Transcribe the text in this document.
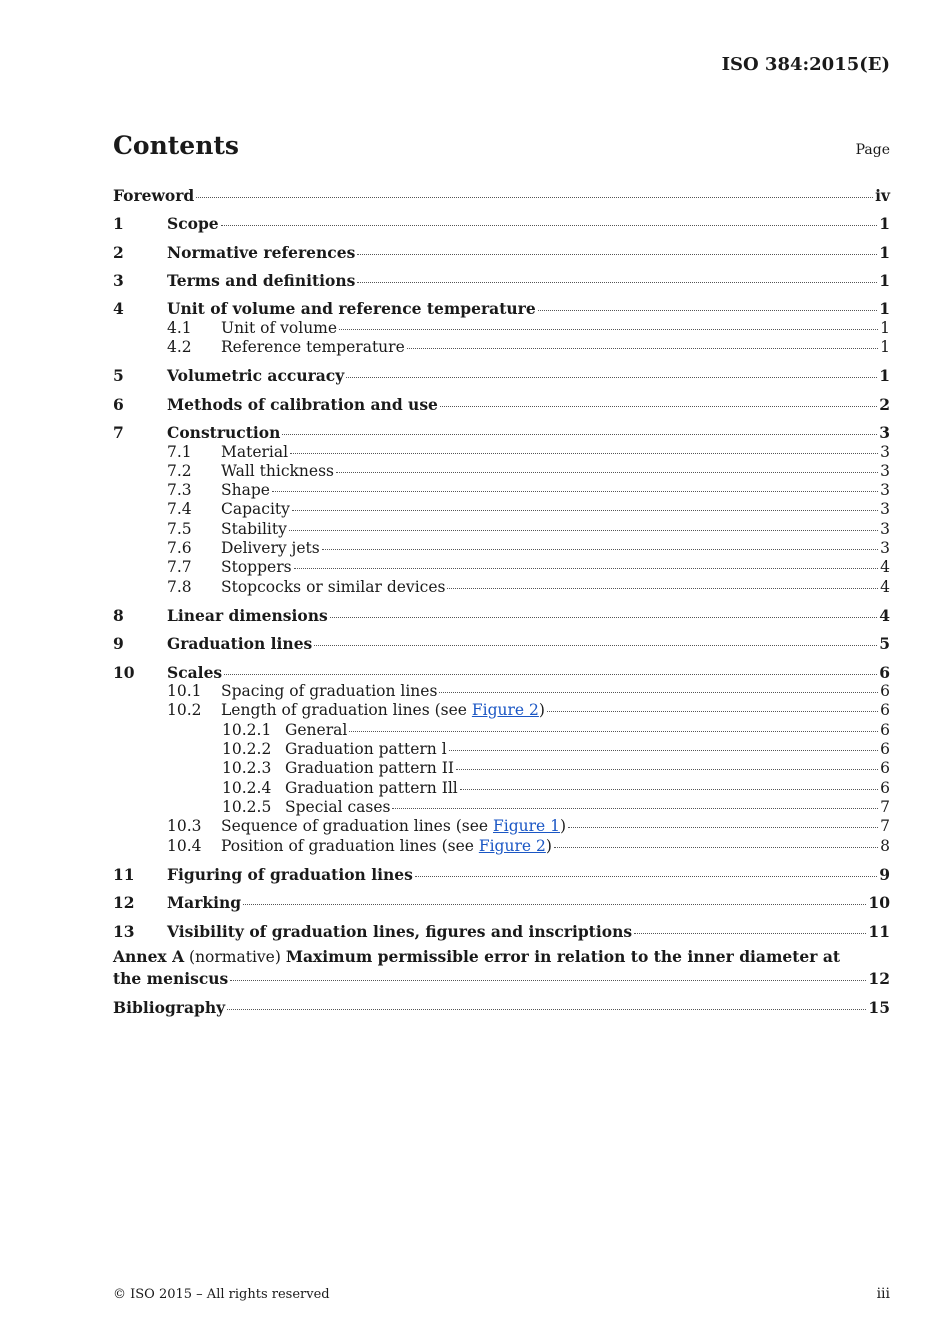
ISO 384:2015(E)
Contents	Page
Foreword	iv
1	Scope	1
2	Normative references	1
3	Terms and definitions	1
4	Unit of volume and reference temperature	1
4.1	Unit of volume	1
4.2	Reference temperature	1
5	Volumetric accuracy	1
6	Methods of calibration and use	2
7	Construction	3
7.1	Material	3
7.2	Wall thickness	3
7.3	Shape	3
7.4	Capacity	3
7.5	Stability	3
7.6	Delivery jets	3
7.7	Stoppers	4
7.8	Stopcocks or similar devices	4
8	Linear dimensions	4
9	Graduation lines	5
10	Scales	6
10.1	Spacing of graduation lines	6
10.2	Length of graduation lines (see Figure 2)	6
10.2.1 General	6
10.2.2 Graduation pattern l	6
10.2.3 Graduation pattern II	6
10.2.4 Graduation pattern Ill	6
10.2.5 Special cases	7
10.3	Sequence of graduation lines (see Figure 1)	7
10.4	Position of graduation lines (see Figure 2)	8
11	Figuring of graduation lines	9
12	Marking	10
13	Visibility of graduation lines, figures and inscriptions	11
Annex A (normative) Maximum permissible error in relation to the inner diameter at
the meniscus	12
Bibliography	15
© ISO 2015 – All rights reserved	iii
